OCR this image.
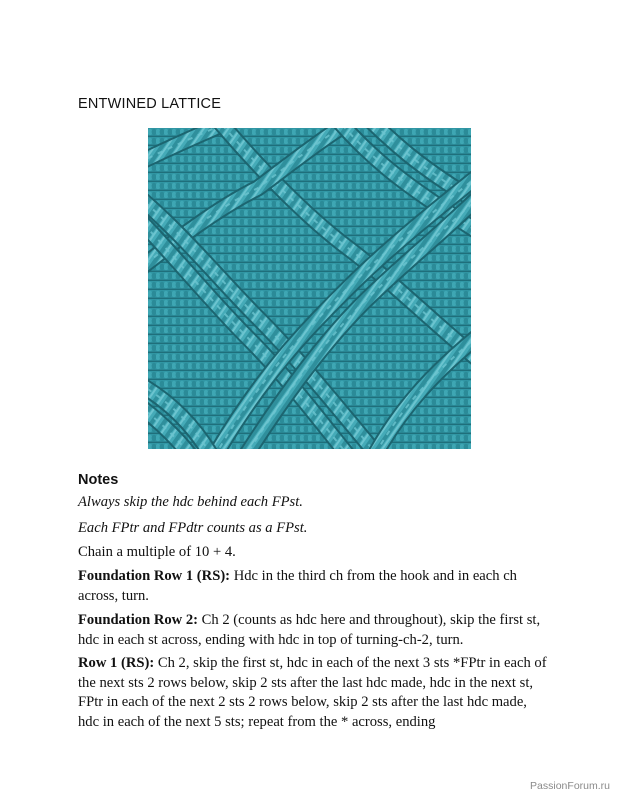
ENTWINED LATTICE
Notes

Always skip the hdc behind each FPst.

Each FPtr and FPdtr counts as a FPst.

Chain a multiple of 10 + 4.

Foundation Row 1 (RS): Hdc in the third ch from the hook and in each ch across, turn.

Foundation Row 2: Ch 2 (counts as hdc here and throughout), skip the first st, hdc in each st across, ending with hdc in top of turning-ch-2, turn.

Row 1 (RS): Ch 2, skip the first st, hdc in each of the next 3 sts *FPtr in each of the next sts 2 rows below, skip 2 sts after the last hdc made, hdc in the next st, FPtr in each of the next 2 sts 2 rows below, skip 2 sts after the last hdc made, hdc in each of the next 5 sts; repeat from the * across, ending

PassionForum.ru
